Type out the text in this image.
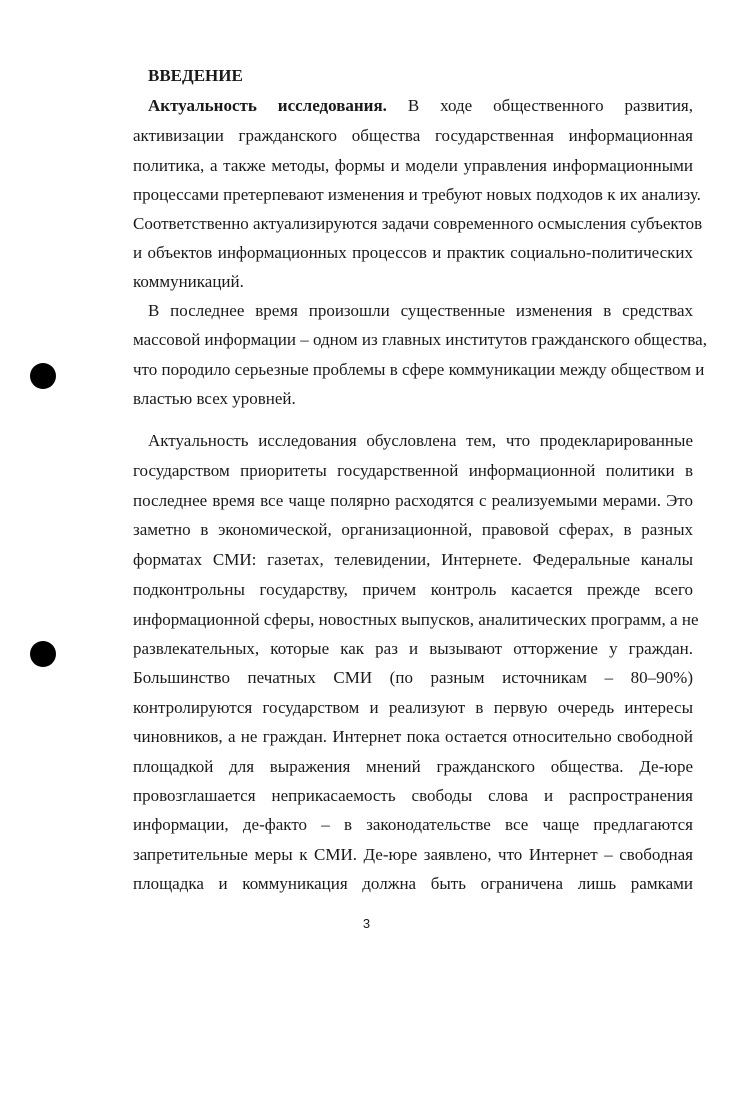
ВВЕДЕНИЕ
Актуальность исследования. В ходе общественного развития,
активизации гражданского общества государственная информационная
политика, а также методы, формы и модели управления информационными
процессами претерпевают изменения и требуют новых подходов к их анализу.
Соответственно актуализируются задачи современного осмысления субъектов
и объектов информационных процессов и практик социально-политических
коммуникаций.
В последнее время произошли существенные изменения в средствах
массовой информации – одном из главных институтов гражданского общества,
что породило серьезные проблемы в сфере коммуникации между обществом и
властью всех уровней.
Актуальность исследования обусловлена тем, что продекларированные
государством приоритеты государственной информационной политики в
последнее время все чаще полярно расходятся с реализуемыми мерами. Это
заметно в экономической, организационной, правовой сферах, в разных
форматах СМИ: газетах, телевидении, Интернете. Федеральные каналы
подконтрольны государству, причем контроль касается прежде всего
информационной сферы, новостных выпусков, аналитических программ, а не
развлекательных, которые как раз и вызывают отторжение у граждан.
Большинство печатных СМИ (по разным источникам – 80–90%)
контролируются государством и реализуют в первую очередь интересы
чиновников, а не граждан. Интернет пока остается относительно свободной
площадкой для выражения мнений гражданского общества. Де-юре
провозглашается неприкасаемость свободы слова и распространения
информации, де-факто – в законодательстве все чаще предлагаются
запретительные меры к СМИ. Де-юре заявлено, что Интернет – свободная
площадка и коммуникация должна быть ограничена лишь рамками
3
